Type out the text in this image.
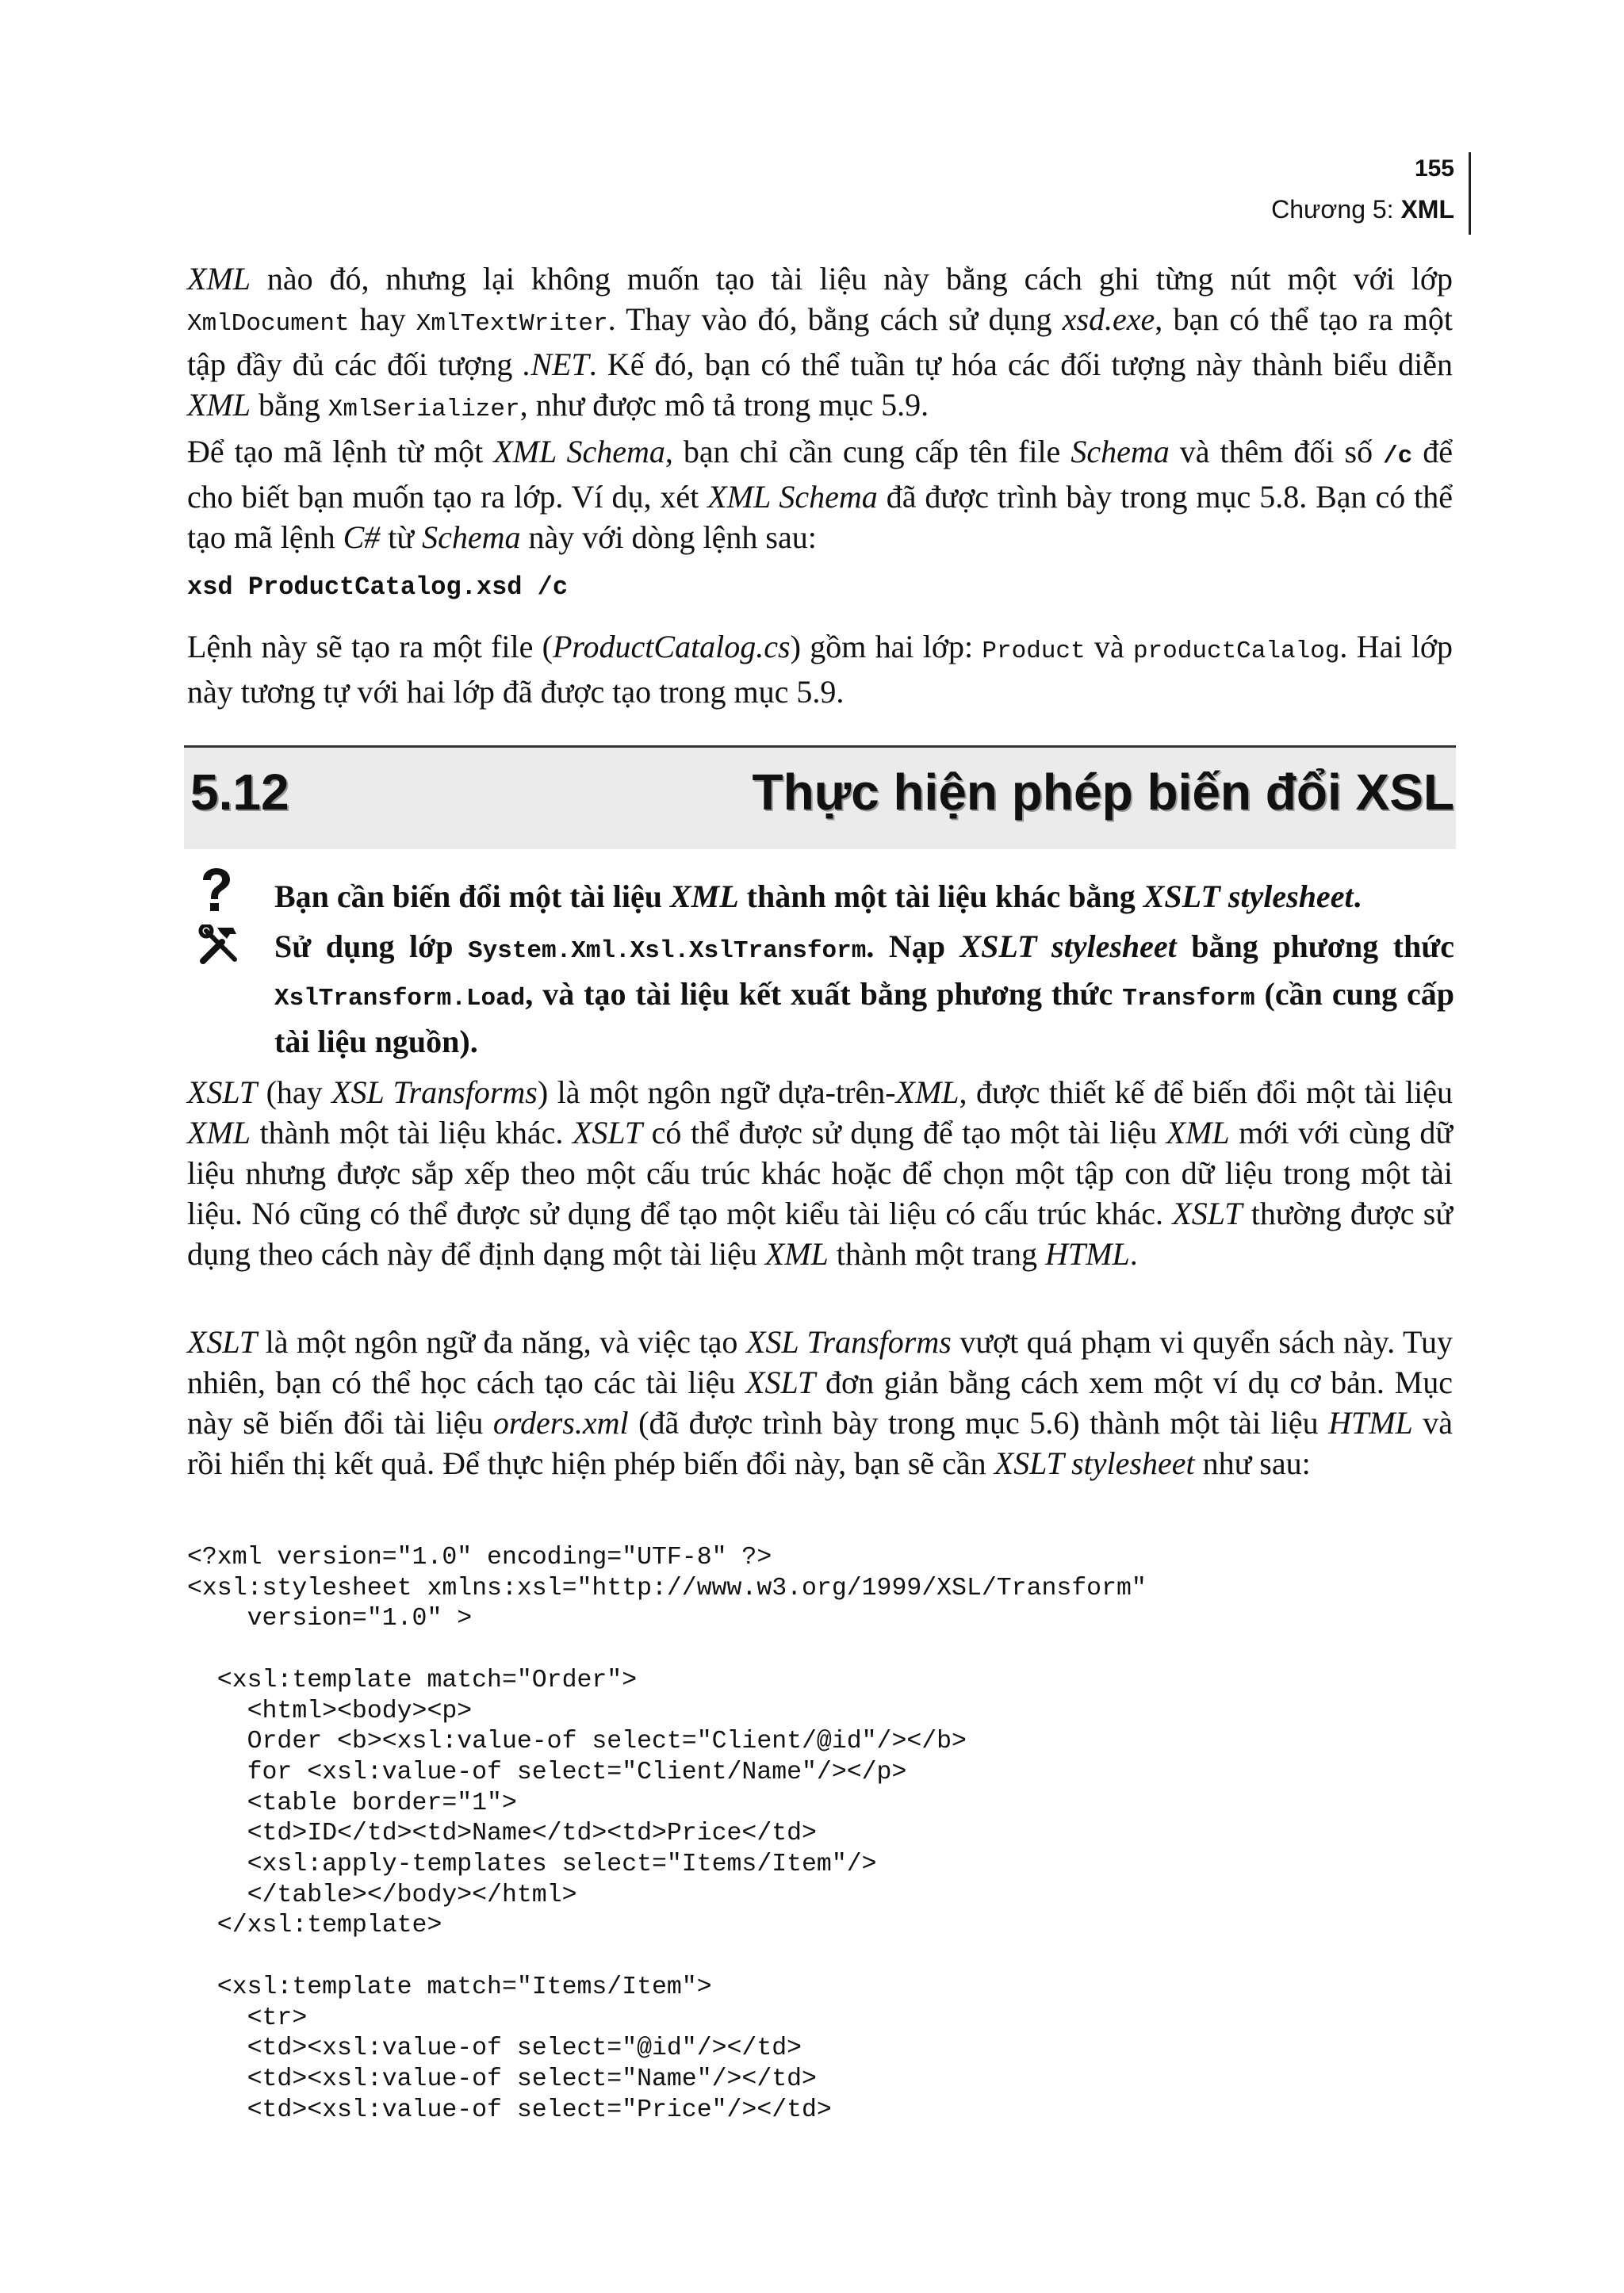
155
Chương 5: XML

XML nào đó, nhưng lại không muốn tạo tài liệu này bằng cách ghi từng nút một với lớp XmlDocument hay XmlTextWriter. Thay vào đó, bằng cách sử dụng xsd.exe, bạn có thể tạo ra một tập đầy đủ các đối tượng .NET. Kế đó, bạn có thể tuần tự hóa các đối tượng này thành biểu diễn XML bằng XmlSerializer, như được mô tả trong mục 5.9.

Để tạo mã lệnh từ một XML Schema, bạn chỉ cần cung cấp tên file Schema và thêm đối số /c để cho biết bạn muốn tạo ra lớp. Ví dụ, xét XML Schema đã được trình bày trong mục 5.8. Bạn có thể tạo mã lệnh C# từ Schema này với dòng lệnh sau:

xsd ProductCatalog.xsd /c

Lệnh này sẽ tạo ra một file (ProductCatalog.cs) gồm hai lớp: Product và productCalalog. Hai lớp này tương tự với hai lớp đã được tạo trong mục 5.9.

5.12	Thực hiện phép biến đổi XSL

Bạn cần biến đổi một tài liệu XML thành một tài liệu khác bằng XSLT stylesheet.

Sử dụng lớp System.Xml.Xsl.XslTransform. Nạp XSLT stylesheet bằng phương thức XslTransform.Load, và tạo tài liệu kết xuất bằng phương thức Transform (cần cung cấp tài liệu nguồn).

XSLT (hay XSL Transforms) là một ngôn ngữ dựa-trên-XML, được thiết kế để biến đổi một tài liệu XML thành một tài liệu khác. XSLT có thể được sử dụng để tạo một tài liệu XML mới với cùng dữ liệu nhưng được sắp xếp theo một cấu trúc khác hoặc để chọn một tập con dữ liệu trong một tài liệu. Nó cũng có thể được sử dụng để tạo một kiểu tài liệu có cấu trúc khác. XSLT thường được sử dụng theo cách này để định dạng một tài liệu XML thành một trang HTML.

XSLT là một ngôn ngữ đa năng, và việc tạo XSL Transforms vượt quá phạm vi quyển sách này. Tuy nhiên, bạn có thể học cách tạo các tài liệu XSLT đơn giản bằng cách xem một ví dụ cơ bản. Mục này sẽ biến đổi tài liệu orders.xml (đã được trình bày trong mục 5.6) thành một tài liệu HTML và rồi hiển thị kết quả. Để thực hiện phép biến đổi này, bạn sẽ cần XSLT stylesheet như sau:

<?xml version="1.0" encoding="UTF-8" ?>
<xsl:stylesheet xmlns:xsl="http://www.w3.org/1999/XSL/Transform"
version="1.0" >

<xsl:template match="Order">
<html><body><p>
Order <b><xsl:value-of select="Client/@id"/></b>
for <xsl:value-of select="Client/Name"/></p>
<table border="1">
<td>ID</td><td>Name</td><td>Price</td>
<xsl:apply-templates select="Items/Item"/>
</table></body></html>
</xsl:template>

<xsl:template match="Items/Item">
<tr>
<td><xsl:value-of select="@id"/></td>
<td><xsl:value-of select="Name"/></td>
<td><xsl:value-of select="Price"/></td>
